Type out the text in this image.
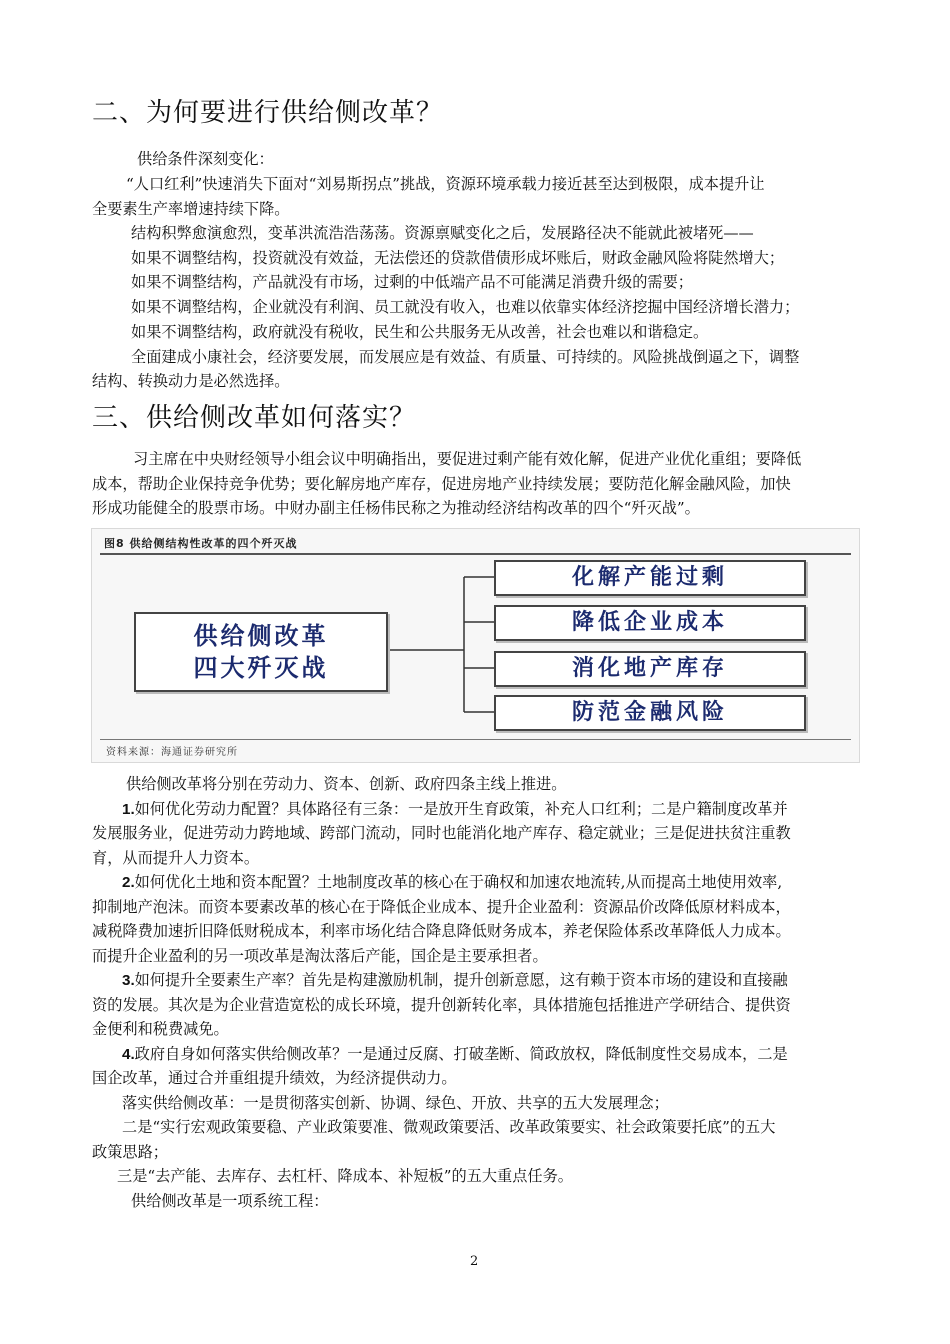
二、为何要进行供给侧改革？

供给条件深刻变化：

“人口红利”快速消失下面对“刘易斯拐点”挑战，资源环境承载力接近甚至达到极限，成本提升让

全要素生产率增速持续下降。

结构积弊愈演愈烈，变革洪流浩浩荡荡。资源禀赋变化之后，发展路径决不能就此被堵死——

如果不调整结构，投资就没有效益，无法偿还的贷款借债形成坏账后，财政金融风险将陡然增大；

如果不调整结构，产品就没有市场，过剩的中低端产品不可能满足消费升级的需要；

如果不调整结构，企业就没有利润、员工就没有收入，也难以依靠实体经济挖掘中国经济增长潜力；

如果不调整结构，政府就没有税收，民生和公共服务无从改善，社会也难以和谐稳定。

全面建成小康社会，经济要发展，而发展应是有效益、有质量、可持续的。风险挑战倒逼之下，调整

结构、转换动力是必然选择。

三、供给侧改革如何落实？

习主席在中央财经领导小组会议中明确指出，要促进过剩产能有效化解，促进产业优化重组；要降低

成本，帮助企业保持竞争优势；要化解房地产库存，促进房地产业持续发展；要防范化解金融风险，加快

形成功能健全的股票市场。中财办副主任杨伟民称之为推动经济结构改革的四个“歼灭战”。

图8 供给侧结构性改革的四个歼灭战
供给侧改革
四大歼灭战
化解产能过剩
降低企业成本
消化地产库存
防范金融风险
资料来源：海通证券研究所

供给侧改革将分别在劳动力、资本、创新、政府四条主线上推进。

1.如何优化劳动力配置？具体路径有三条：一是放开生育政策，补充人口红利；二是户籍制度改革并

发展服务业，促进劳动力跨地域、跨部门流动，同时也能消化地产库存、稳定就业；三是促进扶贫注重教

育，从而提升人力资本。

2.如何优化土地和资本配置？土地制度改革的核心在于确权和加速农地流转,从而提高土地使用效率,

抑制地产泡沫。而资本要素改革的核心在于降低企业成本、提升企业盈利：资源品价改降低原材料成本，

减税降费加速折旧降低财税成本，利率市场化结合降息降低财务成本，养老保险体系改革降低人力成本。

而提升企业盈利的另一项改革是淘汰落后产能，国企是主要承担者。

3.如何提升全要素生产率？首先是构建激励机制，提升创新意愿，这有赖于资本市场的建设和直接融

资的发展。其次是为企业营造宽松的成长环境，提升创新转化率，具体措施包括推进产学研结合、提供资

金便利和税费减免。

4.政府自身如何落实供给侧改革？一是通过反腐、打破垄断、简政放权，降低制度性交易成本，二是

国企改革，通过合并重组提升绩效，为经济提供动力。

落实供给侧改革：一是贯彻落实创新、协调、绿色、开放、共享的五大发展理念；

二是“实行宏观政策要稳、产业政策要准、微观政策要活、改革政策要实、社会政策要托底”的五大

政策思路；

三是“去产能、去库存、去杠杆、降成本、补短板”的五大重点任务。

供给侧改革是一项系统工程：

2
